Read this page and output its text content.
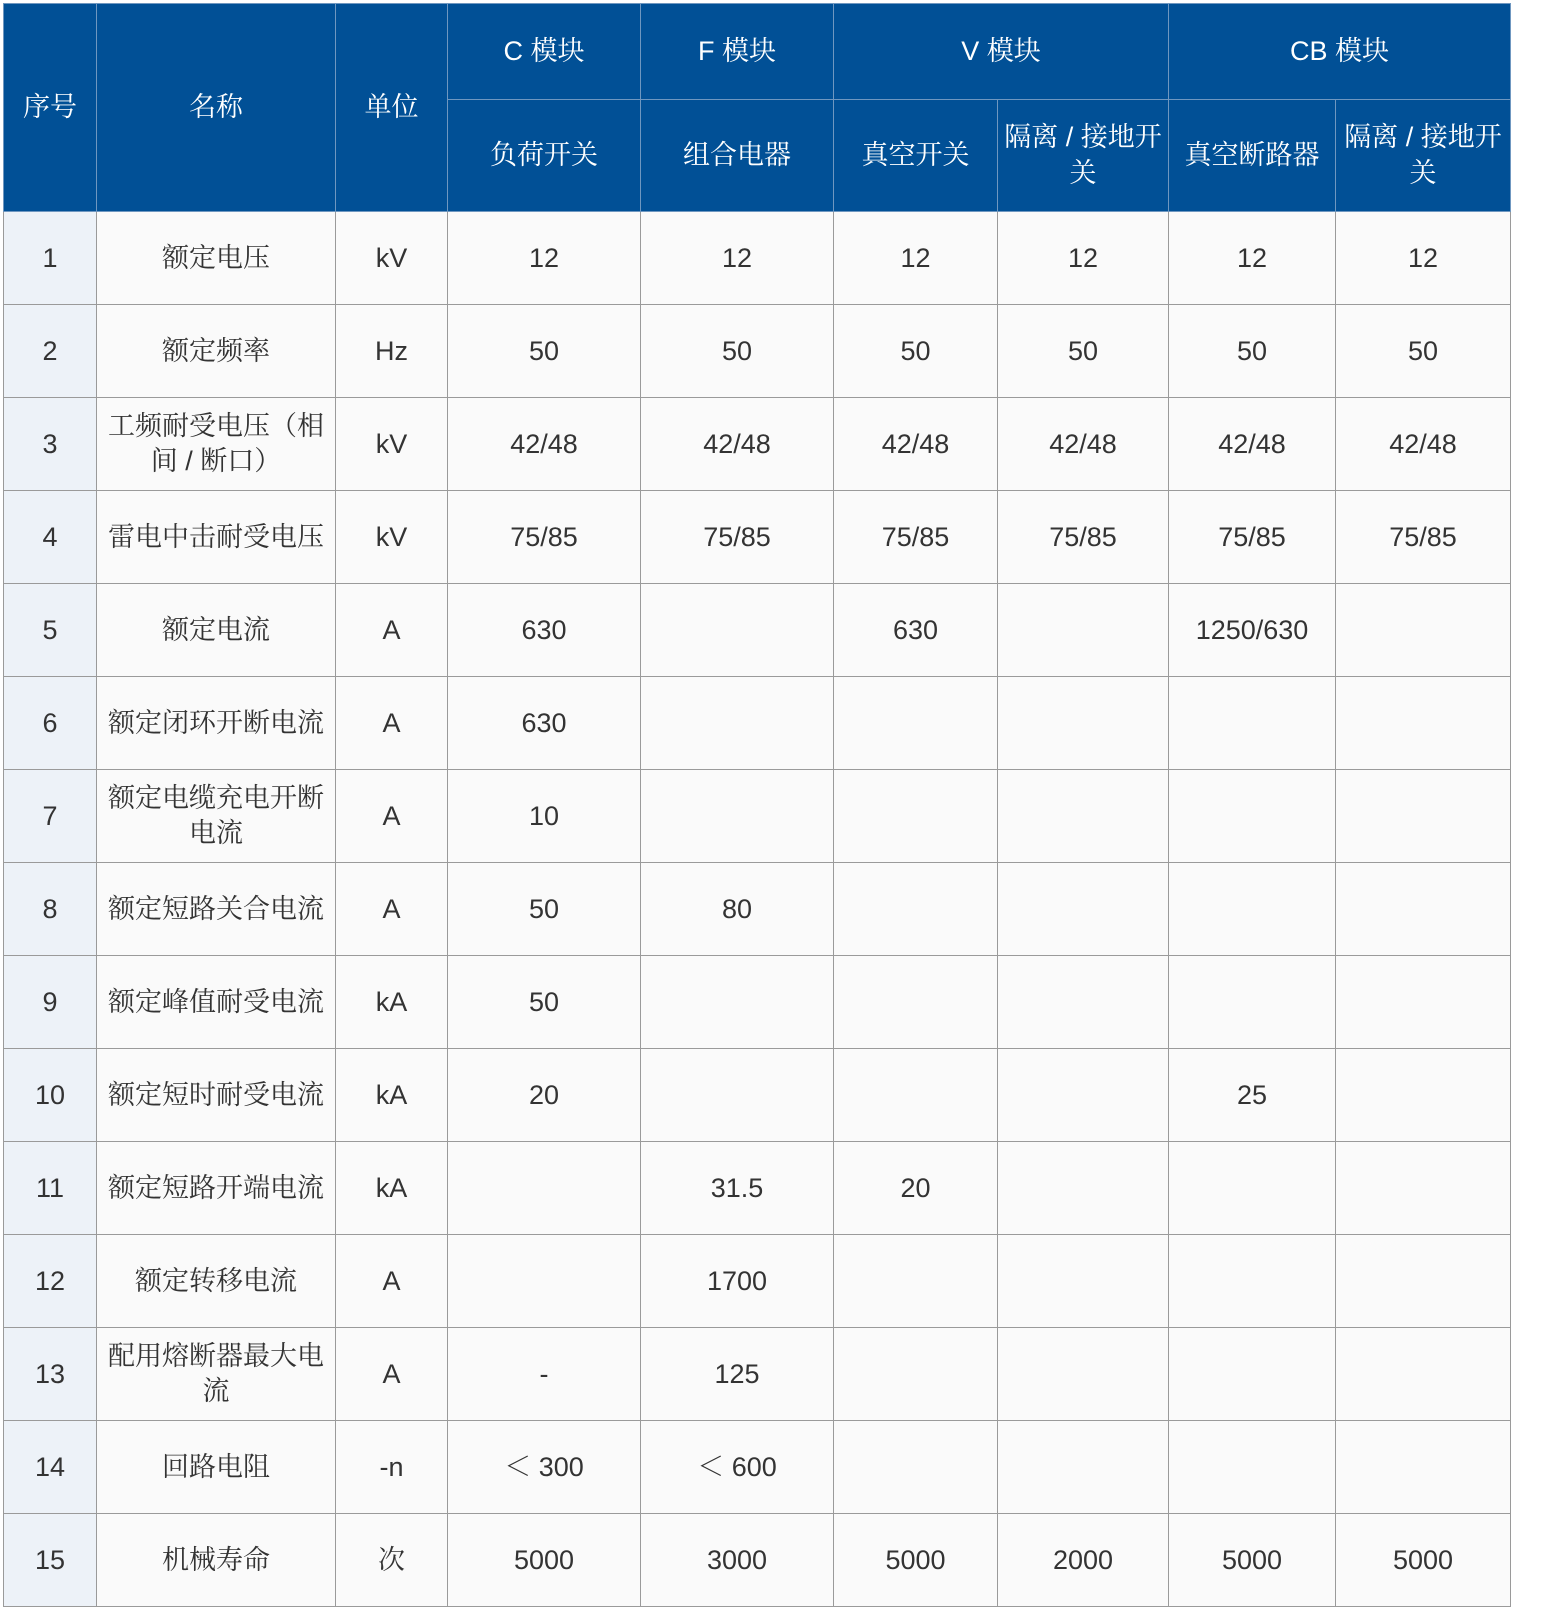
序号	名称	单位	C 模块	F 模块	V 模块		CB 模块	
			负荷开关	组合电器	真空开关	隔离 / 接地开关	真空断路器	隔离 / 接地开关
1	额定电压	kV	12	12	12	12	12	12
2	额定频率	Hz	50	50	50	50	50	50
3	工频耐受电压（相间 / 断口）	kV	42/48	42/48	42/48	42/48	42/48	42/48
4	雷电中击耐受电压	kV	75/85	75/85	75/85	75/85	75/85	75/85
5	额定电流	A	630		630		1250/630	
6	额定闭环开断电流	A	630					
7	额定电缆充电开断电流	A	10					
8	额定短路关合电流	A	50	80				
9	额定峰值耐受电流	kA	50					
10	额定短时耐受电流	kA	20				25	
11	额定短路开端电流	kA		31.5	20			
12	额定转移电流	A		1700				
13	配用熔断器最大电流	A	-	125				
14	回路电阻	-n	＜ 300	＜ 600				
15	机械寿命	次	5000	3000	5000	2000	5000	5000
